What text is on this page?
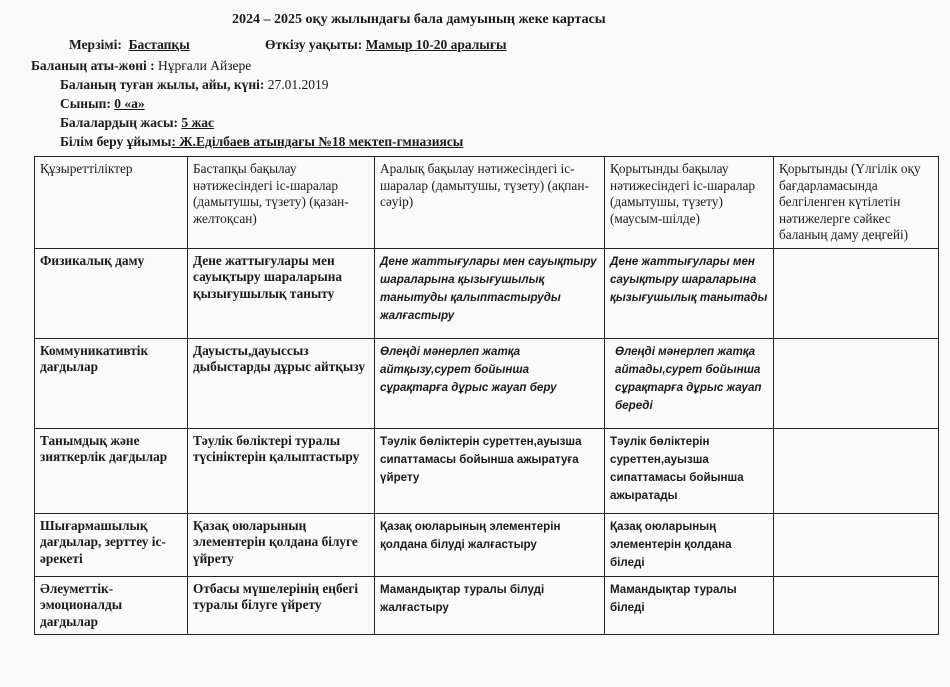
2024 – 2025 оқу жылындағы бала дамуының жеке картасы
Мерзімі: Бастапқы	Өткізу уақыты: Мамыр 10-20 аралығы
Баланың аты-жөні : Нұрғали Айзере
Баланың туған жылы, айы, күні: 27.01.2019
Сынып: 0 «а»
Балалардың жасы: 5 жас
Білім беру ұйымы: Ж.Еділбаев атындағы №18 мектеп-гмназиясы
Құзыреттіліктер	Бастапқы бақылау нәтижесіндегі іс-шаралар (дамытушы, түзету) (қазан-желтоқсан)	Аралық бақылау нәтижесіндегі іс-шаралар (дамытушы, түзету) (ақпан-сәуір)	Қорытынды бақылау нәтижесіндегі іс-шаралар (дамытушы, түзету) (маусым-шілде)	Қорытынды (Үлгілік оқу бағдарламасында белгіленген күтілетін нәтижелерге сәйкес баланың даму деңгейі)
Физикалық даму	Дене жаттығулары мен сауықтыру шараларына қызығушылық таныту	Дене жаттығулары мен сауықтыру шараларына қызығушылық танытуды қалыптастыруды жалғастыру	Дене жаттығулары мен сауықтыру шараларына қызығушылық танытады	
Коммуникативтік дағдылар	Дауысты,дауыссыз дыбыстарды дұрыс айтқызу	Өлеңді мәнерлеп жатқа айтқызу,сурет бойынша сұрақтарға дұрыс жауап беру	Өлеңді мәнерлеп жатқа айтады,сурет бойынша сұрақтарға дұрыс жауап береді	
Танымдық және зияткерлік дағдылар	Тәулік бөліктері туралы түсініктерін қалыптастыру	Тәулік бөліктерін суреттен,ауызша сипаттамасы бойынша ажыратуға үйрету	Тәулік бөліктерін суреттен,ауызша сипаттамасы бойынша ажыратады	
Шығармашылық дағдылар, зерттеу іс-әрекеті	Қазақ оюларының элементерін қолдана білуге үйрету	Қазақ оюларының элементерін қолдана білуді жалғастыру	Қазақ оюларының элементерін қолдана біледі	
Әлеуметтік-эмоционалды дағдылар	Отбасы мүшелерінің еңбегі туралы білуге үйрету	Мамандықтар туралы білуді жалғастыру	Мамандықтар туралы біледі	
